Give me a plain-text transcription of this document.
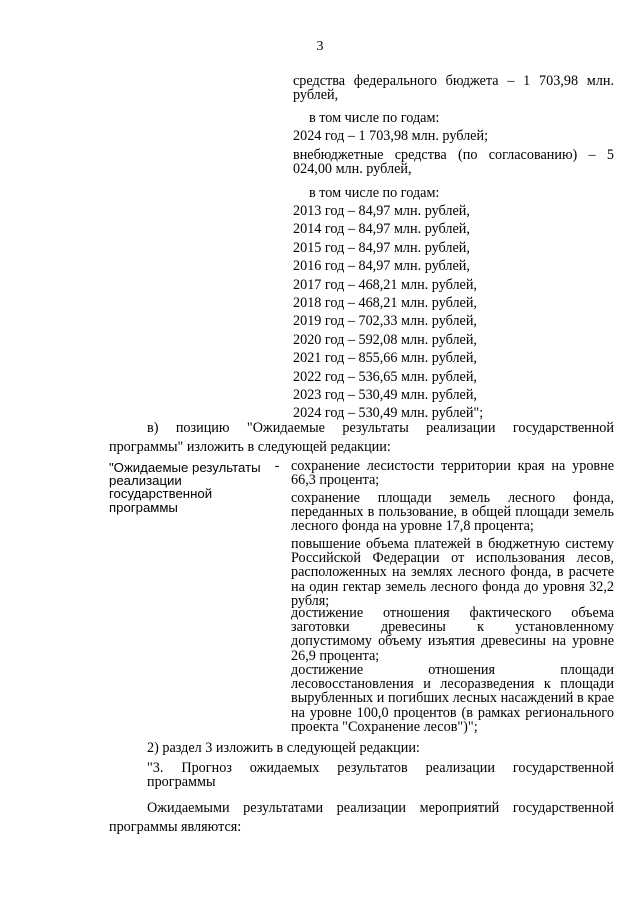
3
средства федерального бюджета – 1 703,98 млн. рублей,
в том числе по годам:
2024 год – 1 703,98 млн. рублей;
внебюджетные средства (по согласованию) – 5 024,00 млн. рублей,
в том числе по годам:
2013 год – 84,97 млн. рублей,
2014 год – 84,97 млн. рублей,
2015 год – 84,97 млн. рублей,
2016 год – 84,97 млн. рублей,
2017 год – 468,21 млн. рублей,
2018 год – 468,21 млн. рублей,
2019 год – 702,33 млн. рублей,
2020 год – 592,08 млн. рублей,
2021 год – 855,66 млн. рублей,
2022 год – 536,65 млн. рублей,
2023 год – 530,49 млн. рублей,
2024 год – 530,49 млн. рублей";
в) позицию "Ожидаемые результаты реализации государственной
программы" изложить в следующей редакции:
"Ожидаемые результаты реализации государственной программы
- сохранение лесистости территории края на уровне 66,3 процента;
сохранение площади земель лесного фонда, переданных в пользование, в общей площади земель лесного фонда на уровне 17,8 процента;
повышение объема платежей в бюджетную систему Российской Федерации от использования лесов, расположенных на землях лесного фонда, в расчете на один гектар земель лесного фонда до уровня 32,2 рубля;
достижение отношения фактического объема заготовки древесины к установленному допустимому объему изъятия древесины на уровне 26,9 процента;
достижение отношения площади лесовосстановления и лесоразведения к площади вырубленных и погибших лесных насаждений в крае на уровне 100,0 процентов (в рамках регионального проекта "Сохранение лесов")";
2) раздел 3 изложить в следующей редакции:
"3. Прогноз ожидаемых результатов реализации государственной программы
Ожидаемыми результатами реализации мероприятий государственной
программы являются:
